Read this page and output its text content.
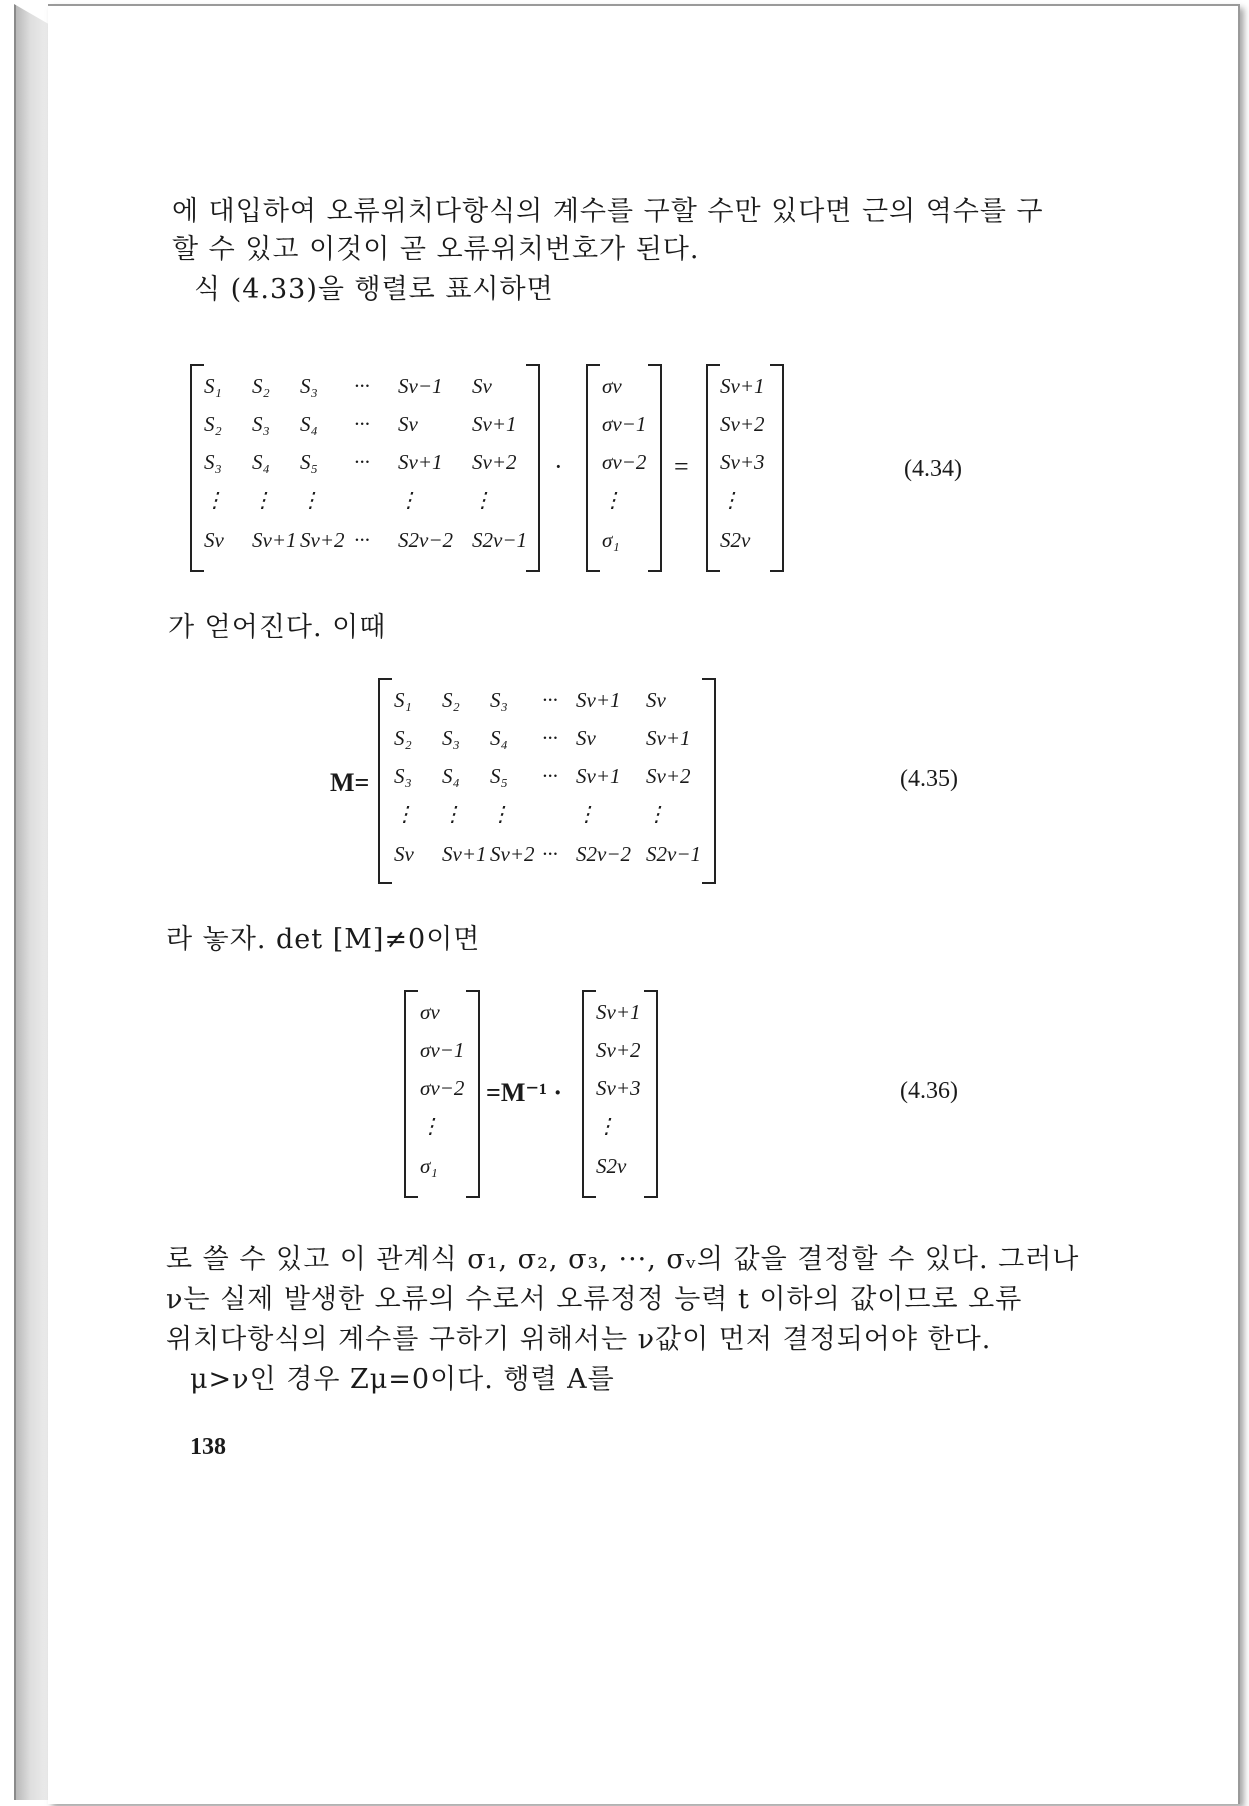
에 대입하여 오류위치다항식의 계수를 구할 수만 있다면 근의 역수를 구
할 수 있고 이것이 곧 오류위치번호가 된다.
식 (4.33)을 행렬로 표시하면
S₁ S₂ S₃ ··· Sν−1 Sν
S₂ S₃ S₄ ··· Sν	Sν+1
S₃ S₄ S₅ ··· Sν+1 Sν+2
⋮ ⋮ ⋮	⋮	⋮
Sν Sν+1 Sν+2 ··· S2ν−2 S2ν−1
·
σν
σν−1
σν−2
⋮
σ₁
=
Sν+1
Sν+2
Sν+3
⋮
S2ν
(4.34)
가 얻어진다. 이때
M=
S₁ S₂ S₃ ··· Sν+1 Sν
S₂ S₃ S₄ ··· Sν Sν+1
S₃ S₄ S₅ ··· Sν+1 Sν+2
⋮ ⋮ ⋮	⋮ ⋮
Sν Sν+1 Sν+2 ··· S2ν−2 S2ν−1
(4.35)
라 놓자. det [M]≠0이면
σν
σν−1
σν−2
⋮
σ₁
=M⁻¹ ·
Sν+1
Sν+2
Sν+3
⋮
S2ν
(4.36)
로 쓸 수 있고 이 관계식 σ₁, σ₂, σ₃, ···, σᵥ의 값을 결정할 수 있다. 그러나
ν는 실제 발생한 오류의 수로서 오류정정 능력 t 이하의 값이므로 오류
위치다항식의 계수를 구하기 위해서는 ν값이 먼저 결정되어야 한다.
μ>ν인 경우 Zμ=0이다. 행렬 A를
138
